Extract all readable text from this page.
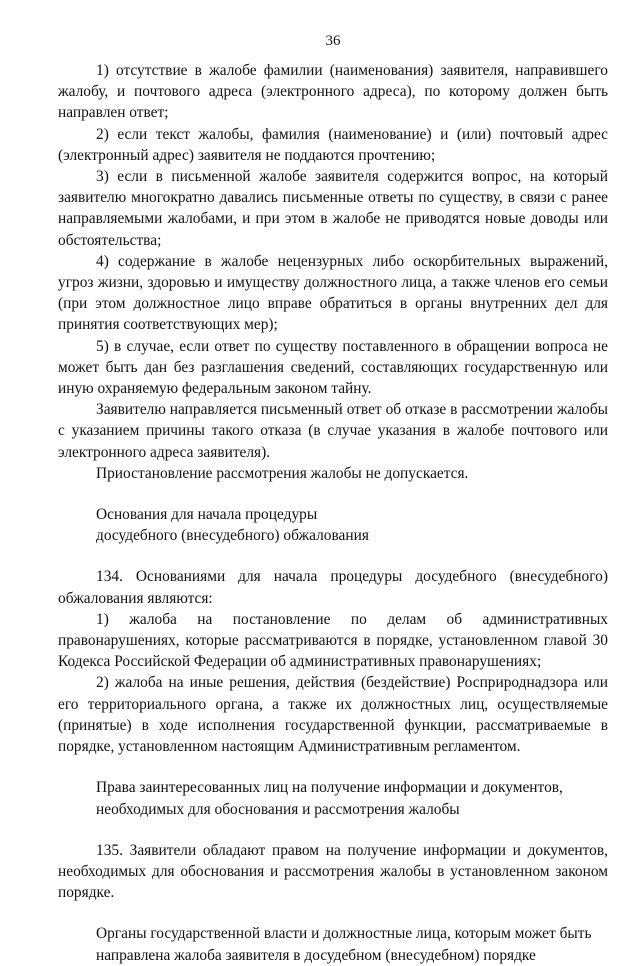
36

1) отсутствие в жалобе фамилии (наименования) заявителя, направившего жалобу, и почтового адреса (электронного адреса), по которому должен быть направлен ответ;

2) если текст жалобы, фамилия (наименование) и (или) почтовый адрес (электронный адрес) заявителя не поддаются прочтению;

3) если в письменной жалобе заявителя содержится вопрос, на который заявителю многократно давались письменные ответы по существу, в связи с ранее направляемыми жалобами, и при этом в жалобе не приводятся новые доводы или обстоятельства;

4) содержание в жалобе нецензурных либо оскорбительных выражений, угроз жизни, здоровью и имуществу должностного лица, а также членов его семьи (при этом должностное лицо вправе обратиться в органы внутренних дел для принятия соответствующих мер);

5) в случае, если ответ по существу поставленного в обращении вопроса не может быть дан без разглашения сведений, составляющих государственную или иную охраняемую федеральным законом тайну.

Заявителю направляется письменный ответ об отказе в рассмотрении жалобы с указанием причины такого отказа (в случае указания в жалобе почтового или электронного адреса заявителя).

Приостановление рассмотрения жалобы не допускается.

Основания для начала процедуры

досудебного (внесудебного) обжалования

134. Основаниями для начала процедуры досудебного (внесудебного) обжалования являются:

1) жалоба на постановление по делам об административных правонарушениях, которые рассматриваются в порядке, установленном главой 30 Кодекса Российской Федерации об административных правонарушениях;

2) жалоба на иные решения, действия (бездействие) Росприроднадзора или его территориального органа, а также их должностных лиц, осуществляемые (принятые) в ходе исполнения государственной функции, рассматриваемые в порядке, установленном настоящим Административным регламентом.

Права заинтересованных лиц на получение информации и документов,

необходимых для обоснования и рассмотрения жалобы

135. Заявители обладают правом на получение информации и документов, необходимых для обоснования и рассмотрения жалобы в установленном законом порядке.

Органы государственной власти и должностные лица, которым может быть

направлена жалоба заявителя в досудебном (внесудебном) порядке
